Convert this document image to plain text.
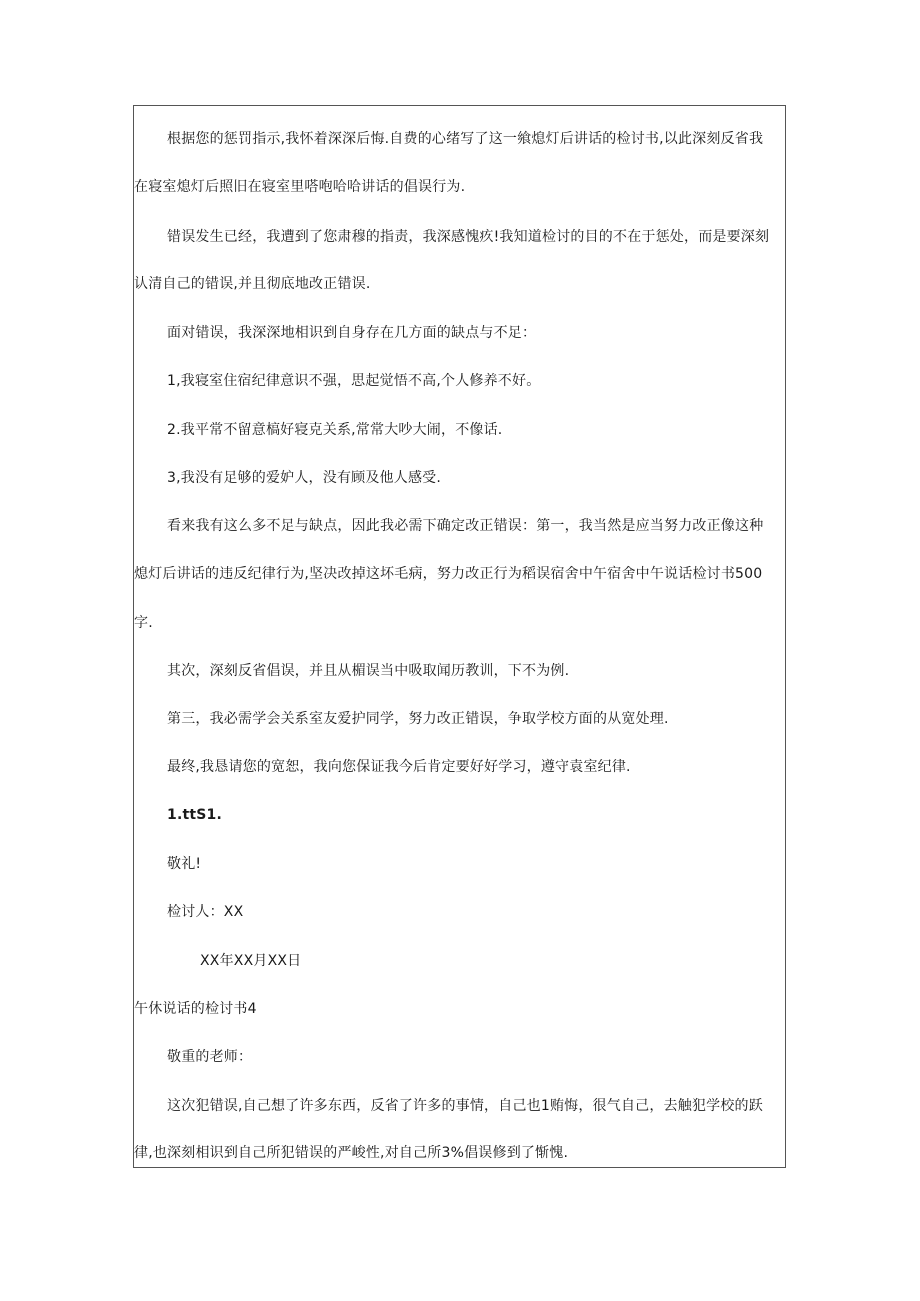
根据您的惩罚指示,我怀着深深后悔.自费的心绪写了这一飨熄灯后讲话的检讨书,以此深刻反省我
在寝室熄灯后照旧在寝室里嗒咆哈哈讲话的倡误行为.
错误发生已经，我遭到了您肃穆的指责，我深感愧疚!我知道检讨的目的不在于惩处，而是要深刻
认清自己的错误,并且彻底地改正错误.
面对错误，我深深地相识到自身存在几方面的缺点与不足：
1,我寝室住宿纪律意识不强，思起觉悟不高,个人修养不好。
2.我平常不留意槁好寝克关系,常常大吵大闹，不像话.
3,我没有足够的爱妒人，没有顾及他人感受.
看来我有这么多不足与缺点，因此我必需下确定改正错误：第一，我当然是应当努力改正像这种
熄灯后讲话的违反纪律行为,坚决改掉这坏毛病，努力改正行为稻误宿舍中午宿舍中午说话检讨书500
字.
其次，深刻反省倡误，并且从楣误当中吸取闻历教训，下不为例.
第三，我必需学会关系室友爱护同学，努力改正错误，争取学校方面的从宽处理.
最终,我恳请您的宽恕，我向您保证我今后肯定要好好学习，遵守袁室纪律.
1.ttS1.
敬礼!
检讨人：XX
XX年XX月XX日
午休说话的检讨书4
敬重的老师：
这次犯错误,自己想了许多东西，反省了许多的事情，自己也1贿悔，很气自己，去触犯学校的跃
律,也深刻相识到自己所犯错误的严峻性,对自己所3%倡误修到了惭愧.
